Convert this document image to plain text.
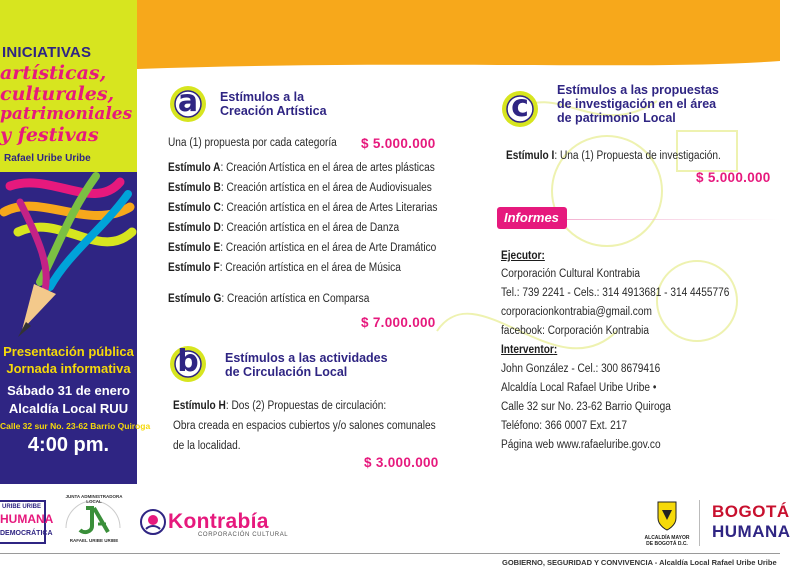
INICIATIVAS
artísticas,
culturales,
patrimoniales
y festivas
Rafael Uribe Uribe
Presentación pública
Jornada informativa
Sábado 31 de enero
Alcaldía Local RUU
Calle 32 sur No. 23-62 Barrio Quiroga
4:00 pm.
a	Estímulos a la
Creación Artística
Una (1) propuesta por cada categoría $ 5.000.000
Estímulo A: Creación Artística en el área de artes plásticas
Estímulo B: Creación artística en el área de Audiovisuales
Estímulo C: Creación artística en el área de Artes Literarias
Estímulo D: Creación artística en el área de Danza
Estímulo E: Creación artística en el área de Arte Dramático
Estímulo F: Creación artística en el área de Música
Estímulo G: Creación artística en Comparsa
$ 7.000.000
b	Estímulos a las actividades
de Circulación Local
Estímulo H: Dos (2) Propuestas de circulación:
Obra creada en espacios cubiertos y/o salones comunales
de la localidad.
$ 3.000.000
c	Estímulos a las propuestas
de investigación en el área
de patrimonio Local
Estímulo I: Una (1) Propuesta de investigación.
$ 5.000.000
Informes
Ejecutor:
Corporación Cultural Kontrabia
Tel.: 739 2241 - Cels.: 314 4913681 - 314 4455776
corporacionkontrabia@gmail.com
facebook: Corporación Kontrabia
Interventor:
John González - Cel.: 300 8679416
Alcaldía Local Rafael Uribe Uribe •
Calle 32 sur No. 23-62 Barrio Quiroga
Teléfono: 366 0007 Ext. 217
Página web www.rafaeluribe.gov.co
URIBE URIBE
HUMANA
DEMOCRÁTICA
JUNTA ADMINISTRADORA LOCAL
RAFAEL URIBE URIBE
Kontrabía
CORPORACIÓN CULTURAL	ALCALDÍA MAYOR
DE BOGOTÁ D.C.
BOGOTÁ
HUMANA
GOBIERNO, SEGURIDAD Y CONVIVENCIA - Alcaldía Local Rafael Uribe Uribe
